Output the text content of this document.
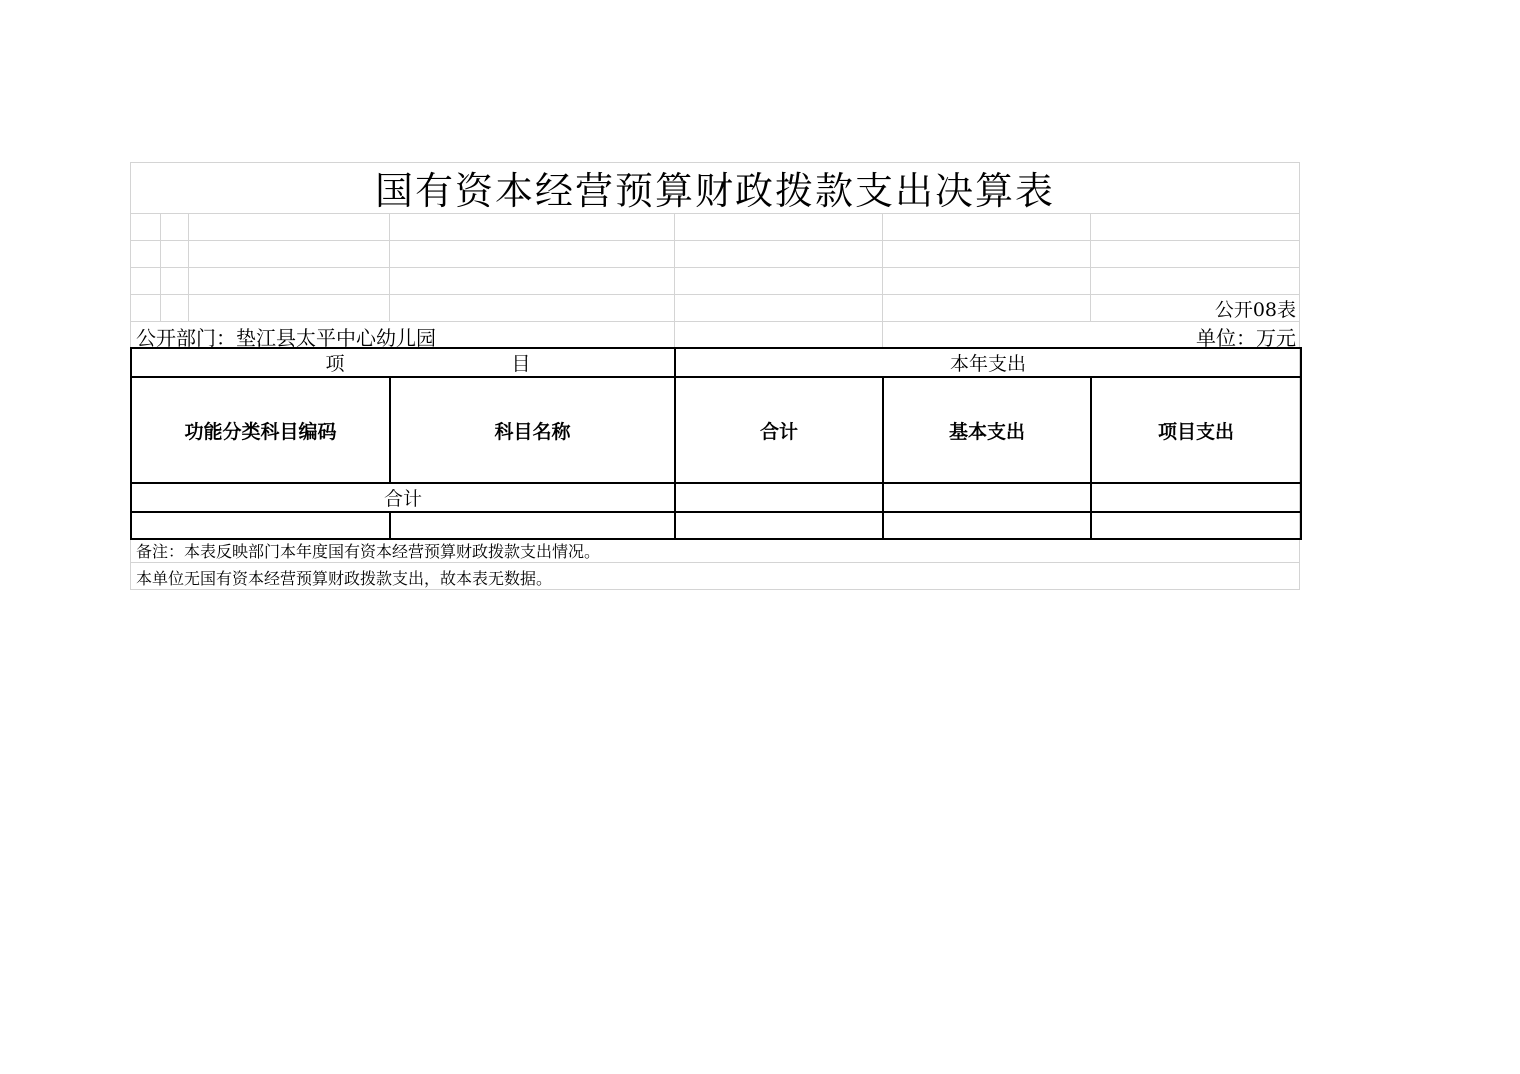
国有资本经营预算财政拨款支出决算表
公开08表
公开部门：垫江县太平中心幼儿园	单位：万元
项 目		本年支出		
功能分类科目编码	科目名称	合计	基本支出	项目支出
合计				

备注：本表反映部门本年度国有资本经营预算财政拨款支出情况。
本单位无国有资本经营预算财政拨款支出，故本表无数据。
